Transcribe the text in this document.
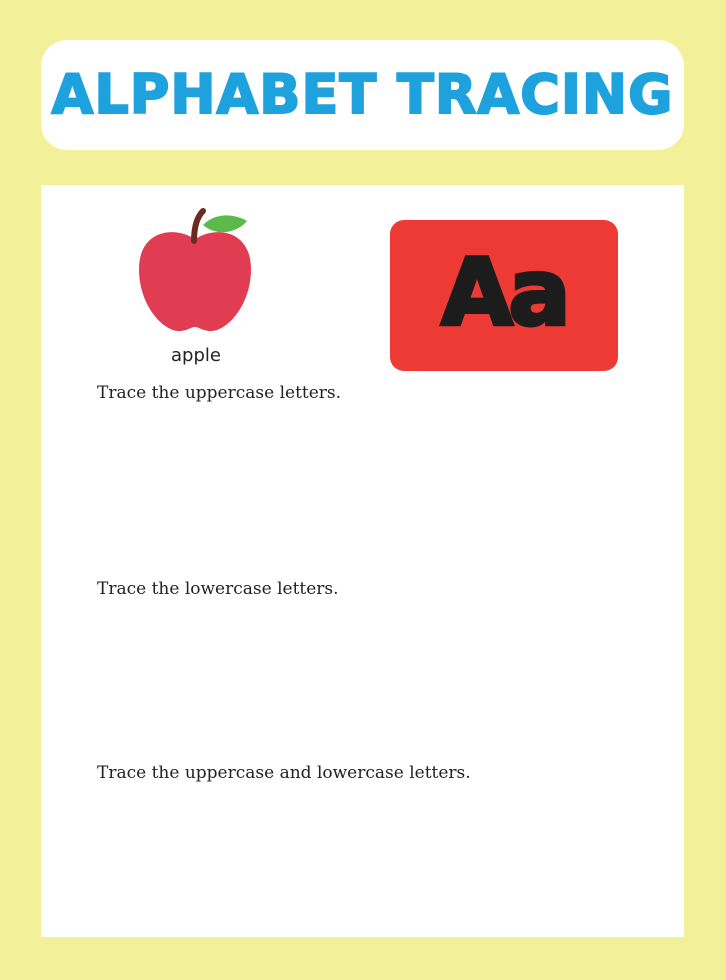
ALPHABET TRACING
apple
Aa
Trace the uppercase letters.
Trace the lowercase letters.
Trace the uppercase and lowercase letters.
